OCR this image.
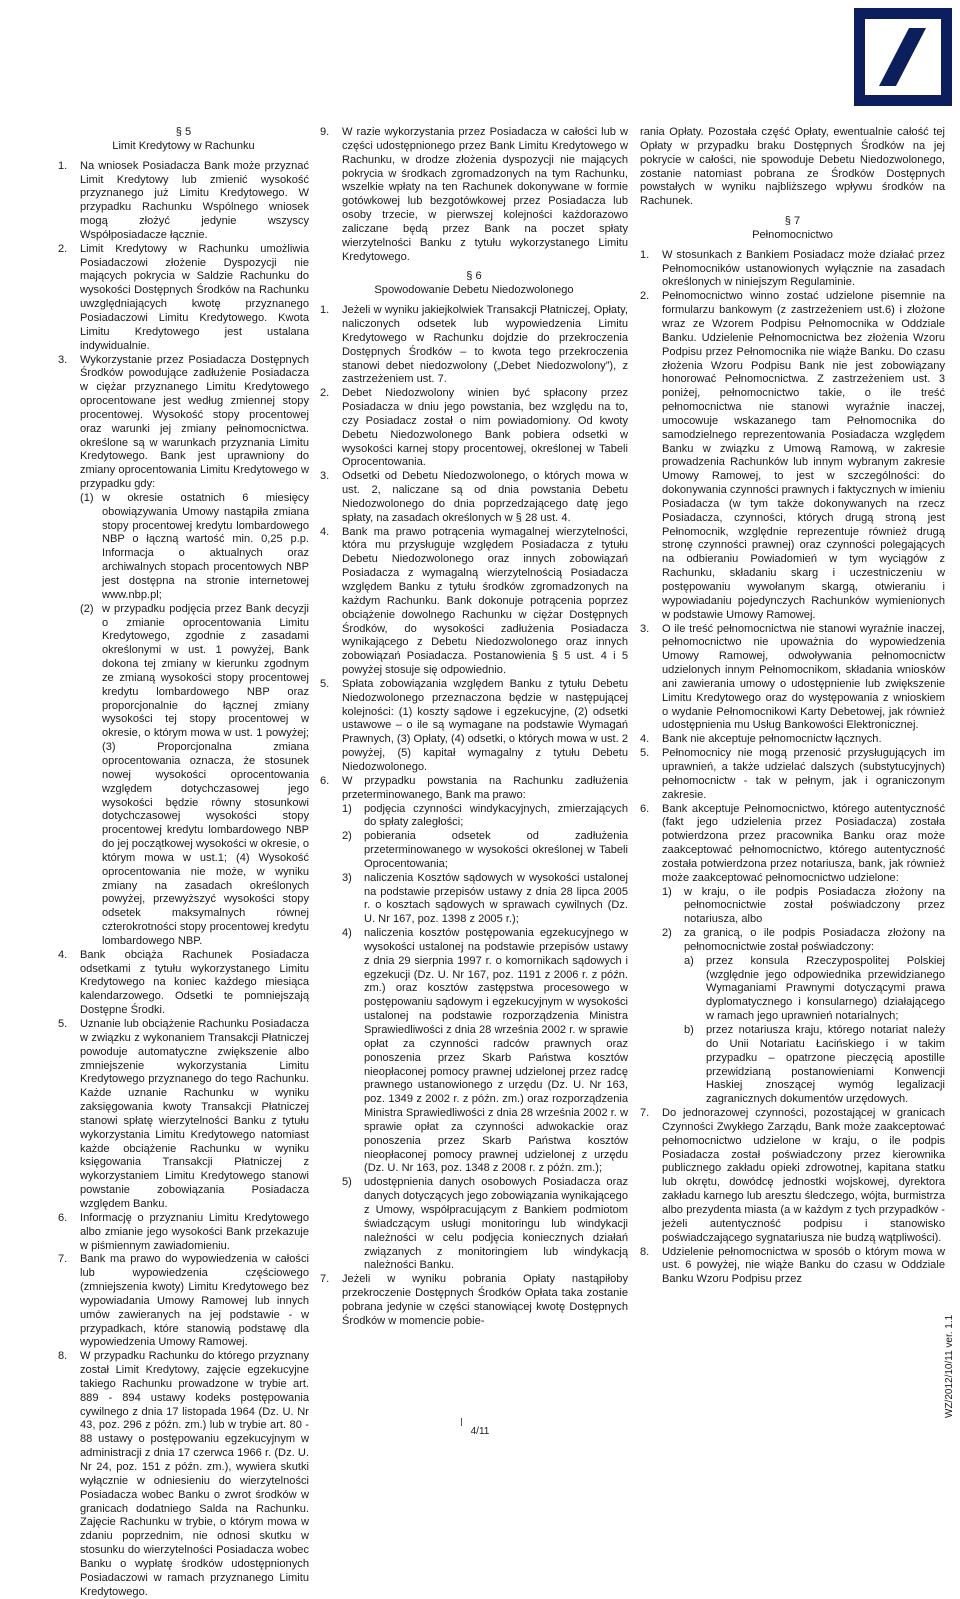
§ 5
Limit Kredytowy w Rachunku
1. Na wniosek Posiadacza Bank może przyznać Limit Kredytowy lub zmienić wysokość przyznanego już Limitu Kredytowego. W przypadku Rachunku Wspólnego wniosek mogą złożyć jedynie wszyscy Współposiadacze łącznie.
2. Limit Kredytowy w Rachunku umożliwia Posiadaczowi złożenie Dyspozycji nie mających pokrycia w Saldzie Rachunku do wysokości Dostępnych Środków na Rachunku uwzględniających kwotę przyznanego Posiadaczowi Limitu Kredytowego. Kwota Limitu Kredytowego jest ustalana indywidualnie.
3. Wykorzystanie przez Posiadacza Dostępnych Środków powodujące zadłużenie Posiadacza w ciężar przyznanego Limitu Kredytowego oprocentowane jest według zmiennej stopy procentowej. Wysokość stopy procentowej oraz warunki jej zmiany pełnomocnictwa. określone są w warunkach przyznania Limitu Kredytowego. Bank jest uprawniony do zmiany oprocentowania Limitu Kredytowego w przypadku gdy:
(1) w okresie ostatnich 6 miesięcy obowiązywania Umowy nastąpiła zmiana stopy procentowej kredytu lombardowego NBP o łączną wartość min. 0,25 p.p. Informacja o aktualnych oraz archiwalnych stopach procentowych NBP jest dostępna na stronie internetowej www.nbp.pl;
(2) w przypadku podjęcia przez Bank decyzji o zmianie oprocentowania Limitu Kredytowego, zgodnie z zasadami określonymi w ust. 1 powyżej, Bank dokona tej zmiany w kierunku zgodnym ze zmianą wysokości stopy procentowej kredytu lombardowego NBP oraz proporcjonalnie do łącznej zmiany wysokości tej stopy procentowej w okresie, o którym mowa w ust. 1 powyżej; (3) Proporcjonalna zmiana oprocentowania oznacza, że stosunek nowej wysokości oprocentowania względem dotychczasowej jego wysokości będzie równy stosunkowi dotychczasowej wysokości stopy procentowej kredytu lombardowego NBP do jej początkowej wysokości w okresie, o którym mowa w ust.1; (4) Wysokość oprocentowania nie może, w wyniku zmiany na zasadach określonych powyżej, przewyższyć wysokości stopy odsetek maksymalnych równej czterokrotności stopy procentowej kredytu lombardowego NBP.
4. Bank obciąża Rachunek Posiadacza odsetkami z tytułu wykorzystanego Limitu Kredytowego na koniec każdego miesiąca kalendarzowego. Odsetki te pomniejszają Dostępne Środki.
5. Uznanie lub obciążenie Rachunku Posiadacza w związku z wykonaniem Transakcji Płatniczej powoduje automatyczne zwiększenie albo zmniejszenie wykorzystania Limitu Kredytowego przyznanego do tego Rachunku. Każde uznanie Rachunku w wyniku zaksięgowania kwoty Transakcji Płatniczej stanowi spłatę wierzytelności Banku z tytułu wykorzystania Limitu Kredytowego natomiast każde obciążenie Rachunku w wyniku księgowania Transakcji Płatniczej z wykorzystaniem Limitu Kredytowego stanowi powstanie zobowiązania Posiadacza względem Banku.
6. Informację o przyznaniu Limitu Kredytowego albo zmianie jego wysokości Bank przekazuje w piśmiennym zawiadomieniu.
7. Bank ma prawo do wypowiedzenia w całości lub wypowiedzenia częściowego (zmniejszenia kwoty) Limitu Kredytowego bez wypowiadania Umowy Ramowej lub innych umów zawieranych na jej podstawie - w przypadkach, które stanowią podstawę dla wypowiedzenia Umowy Ramowej.
8. W przypadku Rachunku do którego przyznany został Limit Kredytowy, zajęcie egzekucyjne takiego Rachunku prowadzone w trybie art. 889 - 894 ustawy kodeks postępowania cywilnego z dnia 17 listopada 1964 (Dz. U. Nr 43, poz. 296 z późn. zm.) lub w trybie art. 80 - 88 ustawy o postępowaniu egzekucyjnym w administracji z dnia 17 czerwca 1966 r. (Dz. U. Nr 24, poz. 151 z późn. zm.), wywiera skutki wyłącznie w odniesieniu do wierzytelności Posiadacza wobec Banku o zwrot środków w granicach dodatniego Salda na Rachunku. Zajęcie Rachunku w trybie, o którym mowa w zdaniu poprzednim, nie odnosi skutku w stosunku do wierzytelności Posiadacza wobec Banku o wypłatę środków udostępnionych Posiadaczowi w ramach przyznanego Limitu Kredytowego.
9. W razie wykorzystania przez Posiadacza w całości lub w części udostępnionego przez Bank Limitu Kredytowego w Rachunku, w drodze złożenia dyspozycji nie mających pokrycia w środkach zgromadzonych na tym Rachunku, wszelkie wpłaty na ten Rachunek dokonywane w formie gotówkowej lub bezgotówkowej przez Posiadacza lub osoby trzecie, w pierwszej kolejności każdorazowo zaliczane będą przez Bank na poczet spłaty wierzytelności Banku z tytułu wykorzystanego Limitu Kredytowego.
§ 6
Spowodowanie Debetu Niedozwolonego
1. Jeżeli w wyniku jakiejkolwiek Transakcji Płatniczej, Opłaty, naliczonych odsetek lub wypowiedzenia Limitu Kredytowego w Rachunku dojdzie do przekroczenia Dostępnych Środków – to kwota tego przekroczenia stanowi debet niedozwolony („Debet Niedozwolony”), z zastrzeżeniem ust. 7.
2. Debet Niedozwolony winien być spłacony przez Posiadacza w dniu jego powstania, bez względu na to, czy Posiadacz został o nim powiadomiony. Od kwoty Debetu Niedozwolonego Bank pobiera odsetki w wysokości karnej stopy procentowej, określonej w Tabeli Oprocentowania.
3. Odsetki od Debetu Niedozwolonego, o których mowa w ust. 2, naliczane są od dnia powstania Debetu Niedozwolonego do dnia poprzedzającego datę jego spłaty, na zasadach określonych w § 28 ust. 4.
4. Bank ma prawo potrącenia wymagalnej wierzytelności, która mu przysługuje względem Posiadacza z tytułu Debetu Niedozwolonego oraz innych zobowiązań Posiadacza z wymagalną wierzytelnością Posiadacza względem Banku z tytułu środków zgromadzonych na każdym Rachunku. Bank dokonuje potrącenia poprzez obciążenie dowolnego Rachunku w ciężar Dostępnych Środków, do wysokości zadłużenia Posiadacza wynikającego z Debetu Niedozwolonego oraz innych zobowiązań Posiadacza. Postanowienia § 5 ust. 4 i 5 powyżej stosuje się odpowiednio.
5. Spłata zobowiązania względem Banku z tytułu Debetu Niedozwolonego przeznaczona będzie w następującej kolejności: (1) koszty sądowe i egzekucyjne, (2) odsetki ustawowe – o ile są wymagane na podstawie Wymagań Prawnych, (3) Opłaty, (4) odsetki, o których mowa w ust. 2 powyżej, (5) kapitał wymagalny z tytułu Debetu Niedozwolonego.
6. W przypadku powstania na Rachunku zadłużenia przeterminowanego, Bank ma prawo:
1) podjęcia czynności windykacyjnych, zmierzających do spłaty zaległości;
2) pobierania odsetek od zadłużenia przeterminowanego w wysokości określonej w Tabeli Oprocentowania;
3) naliczenia Kosztów sądowych w wysokości ustalonej na podstawie przepisów ustawy z dnia 28 lipca 2005 r. o kosztach sądowych w sprawach cywilnych (Dz. U. Nr 167, poz. 1398 z 2005 r.);
4) naliczenia kosztów postępowania egzekucyjnego w wysokości ustalonej na podstawie przepisów ustawy z dnia 29 sierpnia 1997 r. o komornikach sądowych i egzekucji (Dz. U. Nr 167, poz. 1191 z 2006 r. z późn. zm.) oraz kosztów zastępstwa procesowego w postępowaniu sądowym i egzekucyjnym w wysokości ustalonej na podstawie rozporządzenia Ministra Sprawiedliwości z dnia 28 września 2002 r. w sprawie opłat za czynności radców prawnych oraz ponoszenia przez Skarb Państwa kosztów nieopłaconej pomocy prawnej udzielonej przez radcę prawnego ustanowionego z urzędu (Dz. U. Nr 163, poz. 1349 z 2002 r. z późn. zm.) oraz rozporządzenia Ministra Sprawiedliwości z dnia 28 września 2002 r. w sprawie opłat za czynności adwokackie oraz ponoszenia przez Skarb Państwa kosztów nieopłaconej pomocy prawnej udzielonej z urzędu (Dz. U. Nr 163, poz. 1348 z 2008 r. z późn. zm.);
5) udostępnienia danych osobowych Posiadacza oraz danych dotyczących jego zobowiązania wynikającego z Umowy, współpracującym z Bankiem podmiotom świadczącym usługi monitoringu lub windykacji należności w celu podjęcia koniecznych działań związanych z monitoringiem lub windykacją należności Banku.
7. Jeżeli w wyniku pobrania Opłaty nastąpiłoby przekroczenie Dostępnych Środków Opłata taka zostanie pobrana jedynie w części stanowiącej kwotę Dostępnych Środków w momencie pobie-
rania Opłaty. Pozostała część Opłaty, ewentualnie całość tej Opłaty w przypadku braku Dostępnych Środków na jej pokrycie w całości, nie spowoduje Debetu Niedozwolonego, zostanie natomiast pobrana ze Środków Dostępnych powstałych w wyniku najbliższego wpływu środków na Rachunek.
§ 7
Pełnomocnictwo
1. W stosunkach z Bankiem Posiadacz może działać przez Pełnomocników ustanowionych wyłącznie na zasadach określonych w niniejszym Regulaminie.
2. Pełnomocnictwo winno zostać udzielone pisemnie na formularzu bankowym (z zastrzeżeniem ust.6) i złożone wraz ze Wzorem Podpisu Pełnomocnika w Oddziale Banku. Udzielenie Pełnomocnictwa bez złożenia Wzoru Podpisu przez Pełnomocnika nie wiąże Banku. Do czasu złożenia Wzoru Podpisu Bank nie jest zobowiązany honorować Pełnomocnictwa. Z zastrzeżeniem ust. 3 poniżej, pełnomocnictwo takie, o ile treść pełnomocnictwa nie stanowi wyraźnie inaczej, umocowuje wskazanego tam Pełnomocnika do samodzielnego reprezentowania Posiadacza względem Banku w związku z Umową Ramową, w zakresie prowadzenia Rachunków lub innym wybranym zakresie Umowy Ramowej, to jest w szczególności: do dokonywania czynności prawnych i faktycznych w imieniu Posiadacza (w tym także dokonywanych na rzecz Posiadacza, czynności, których drugą stroną jest Pełnomocnik, względnie reprezentuje również drugą stronę czynności prawnej) oraz czynności polegających na odbieraniu Powiadomień w tym wyciągów z Rachunku, składaniu skarg i uczestniczeniu w postępowaniu wywołanym skargą, otwieraniu i wypowiadaniu pojedynczych Rachunków wymienionych w podstawie Umowy Ramowej.
3. O ile treść pełnomocnictwa nie stanowi wyraźnie inaczej, pełnomocnictwo nie upoważnia do wypowiedzenia Umowy Ramowej, odwoływania pełnomocnictw udzielonych innym Pełnomocnikom, składania wniosków ani zawierania umowy o udostępnienie lub zwiększenie Limitu Kredytowego oraz do występowania z wnioskiem o wydanie Pełnomocnikowi Karty Debetowej, jak również udostępnienia mu Usług Bankowości Elektronicznej.
4. Bank nie akceptuje pełnomocnictw łącznych.
5. Pełnomocnicy nie mogą przenosić przysługujących im uprawnień, a także udzielać dalszych (substytucyjnych) pełnomocnictw - tak w pełnym, jak i ograniczonym zakresie.
6. Bank akceptuje Pełnomocnictwo, którego autentyczność (fakt jego udzielenia przez Posiadacza) została potwierdzona przez pracownika Banku oraz może zaakceptować pełnomocnictwo, którego autentyczność została potwierdzona przez notariusza, bank, jak również może zaakceptować pełnomocnictwo udzielone:
1) w kraju, o ile podpis Posiadacza złożony na pełnomocnictwie został poświadczony przez notariusza, albo
2) za granicą, o ile podpis Posiadacza złożony na pełnomocnictwie został poświadczony:
a) przez konsula Rzeczypospolitej Polskiej (względnie jego odpowiednika przewidzianego Wymaganiami Prawnymi dotyczącymi prawa dyplomatycznego i konsularnego) działającego w ramach jego uprawnień notarialnych;
b) przez notariusza kraju, którego notariat należy do Unii Notariatu Łacińskiego i w takim przypadku – opatrzone pieczęcią apostille przewidzianą postanowieniami Konwencji Haskiej znoszącej wymóg legalizacji zagranicznych dokumentów urzędowych.
7. Do jednorazowej czynności, pozostającej w granicach Czynności Zwykłego Zarządu, Bank może zaakceptować pełnomocnictwo udzielone w kraju, o ile podpis Posiadacza został poświadczony przez kierownika publicznego zakładu opieki zdrowotnej, kapitana statku lub okrętu, dowódcę jednostki wojskowej, dyrektora zakładu karnego lub aresztu śledczego, wójta, burmistrza albo prezydenta miasta (a w każdym z tych przypadków - jeżeli autentyczność podpisu i stanowisko poświadczającego sygnatariusza nie budzą wątpliwości).
8. Udzielenie pełnomocnictwa w sposób o którym mowa w ust. 6 powyżej, nie wiąże Banku do czasu w Oddziale Banku Wzoru Podpisu przez
4/11
WZ/2012/10/11 ver. 1.1
